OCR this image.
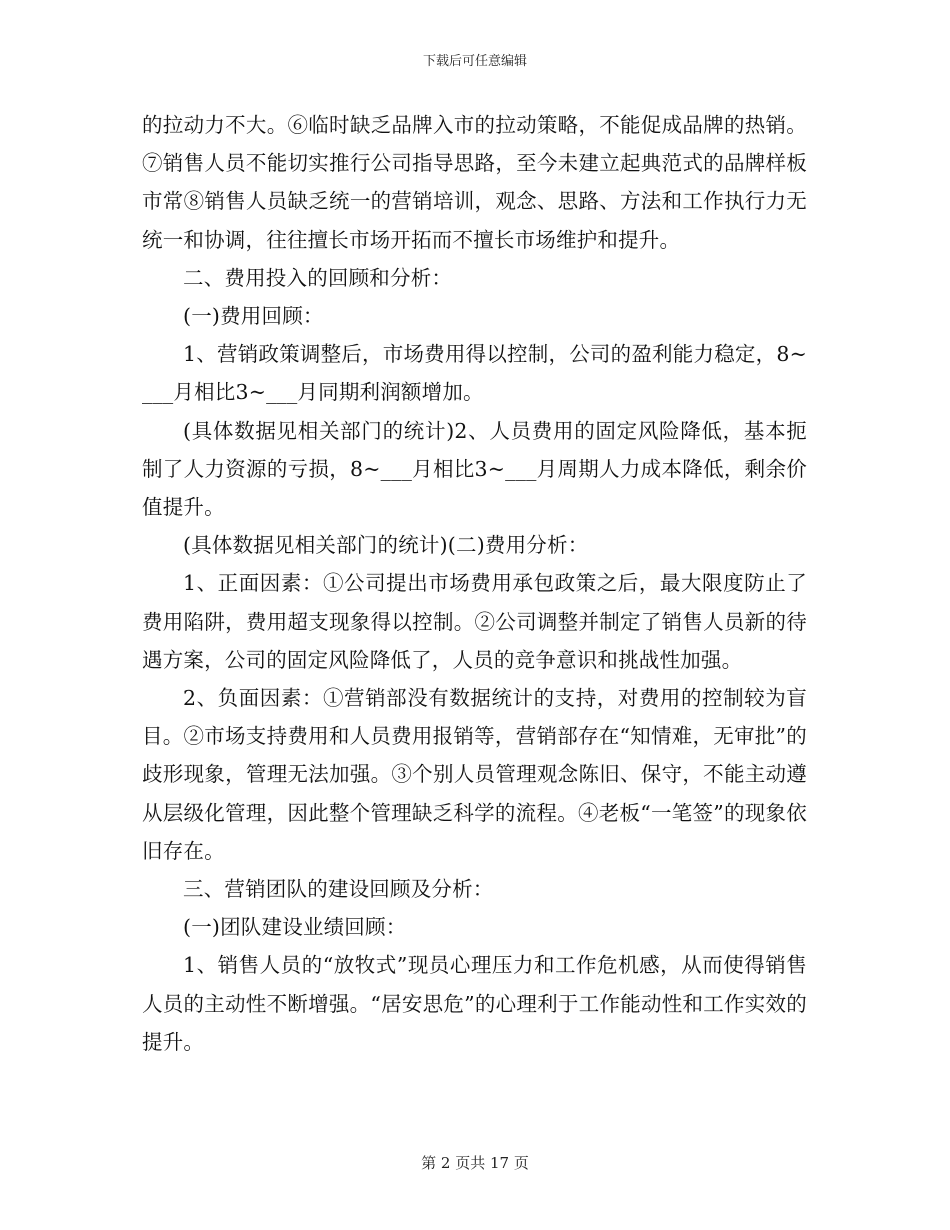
下载后可任意编辑

的拉动力不大。⑥临时缺乏品牌入市的拉动策略，不能促成品牌的热销。⑦销售人员不能切实推行公司指导思路，至今未建立起典范式的品牌样板市常⑧销售人员缺乏统一的营销培训，观念、思路、方法和工作执行力无统一和协调，往往擅长市场开拓而不擅长市场维护和提升。

二、费用投入的回顾和分析：

(一)费用回顾：

1、营销政策调整后，市场费用得以控制，公司的盈利能力稳定，8~___月相比3~___月同期利润额增加。

(具体数据见相关部门的统计)2、人员费用的固定风险降低，基本扼制了人力资源的亏损，8~___月相比3~___月周期人力成本降低，剩余价值提升。

(具体数据见相关部门的统计)(二)费用分析：

1、正面因素：①公司提出市场费用承包政策之后，最大限度防止了费用陷阱，费用超支现象得以控制。②公司调整并制定了销售人员新的待遇方案，公司的固定风险降低了，人员的竞争意识和挑战性加强。

2、负面因素：①营销部没有数据统计的支持，对费用的控制较为盲目。②市场支持费用和人员费用报销等，营销部存在“知情难，无审批”的歧形现象，管理无法加强。③个别人员管理观念陈旧、保守，不能主动遵从层级化管理，因此整个管理缺乏科学的流程。④老板“一笔签”的现象依旧存在。

三、营销团队的建设回顾及分析：

(一)团队建设业绩回顾：

1、销售人员的“放牧式”现员心理压力和工作危机感，从而使得销售人员的主动性不断增强。“居安思危”的心理利于工作能动性和工作实效的提升。

第 2 页共 17 页
